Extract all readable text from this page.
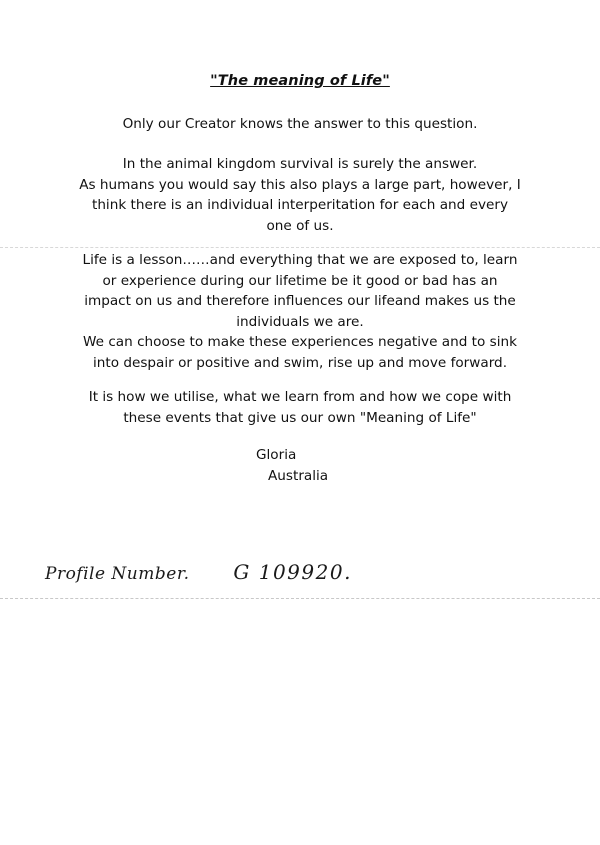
"The meaning of Life"
Only our Creator knows the answer to this question.
In the animal kingdom survival is surely the answer.
As humans you would say this also plays a large part, however, I
think there is an individual interperitation for each and every
one of us.
Life is a lesson……and everything that we are exposed to, learn
or experience during our lifetime be it good or bad has an
impact on us and therefore influences our lifeand makes us the
individuals we are.
We can choose to make these experiences negative and to sink
into despair or positive and swim, rise up and move forward.
It is how we utilise, what we learn from and how we cope with
these events that give us our own "Meaning of Life"
Gloria
Australia
Profile Number. G 109920.
